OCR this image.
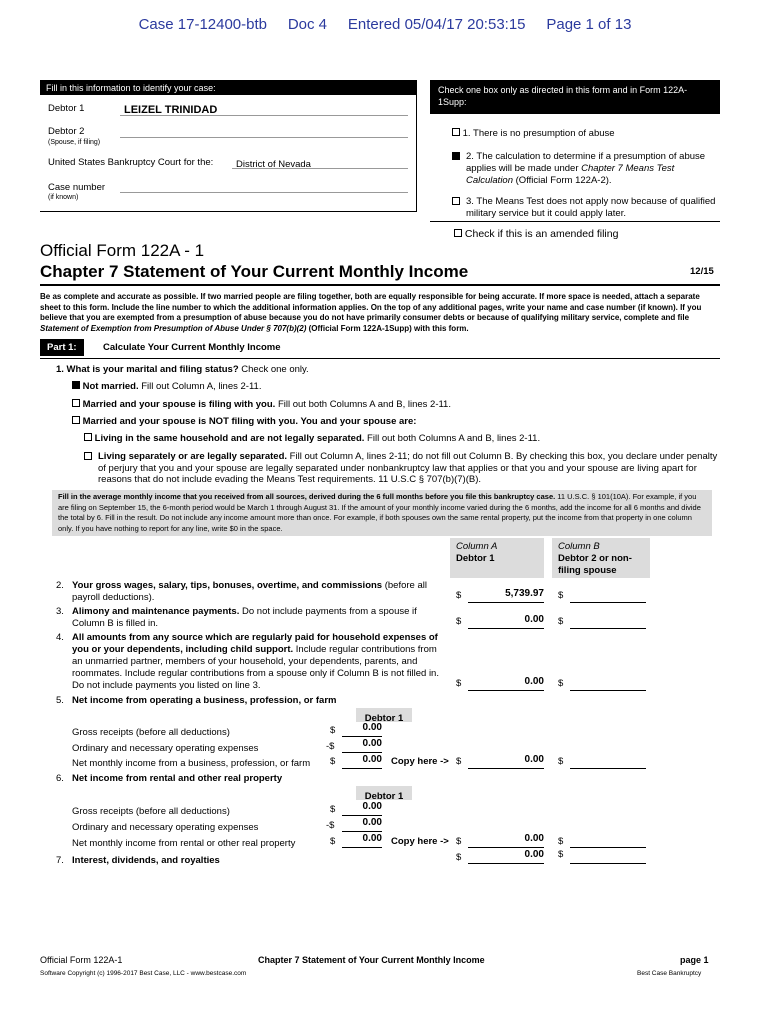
Case 17-12400-btb     Doc 4     Entered 05/04/17 20:53:15     Page 1 of 13
Fill in this information to identify your case:
Debtor 1	LEIZEL TRINIDAD
Debtor 2
(Spouse, if filing)
United States Bankruptcy Court for the:	District of Nevada
Case number
(if known)
Check one box only as directed in this form and in Form 122A-1Supp:
1. There is no presumption of abuse
2. The calculation to determine if a presumption of abuse applies will be made under Chapter 7 Means Test Calculation (Official Form 122A-2).
3. The Means Test does not apply now because of qualified military service but it could apply later.
Check if this is an amended filing
Official Form 122A - 1
Chapter 7 Statement of Your Current Monthly Income	12/15
Be as complete and accurate as possible. If two married people are filing together, both are equally responsible for being accurate. If more space is needed, attach a separate sheet to this form. Include the line number to which the additional information applies. On the top of any additional pages, write your name and case number (if known). If you believe that you are exempted from a presumption of abuse because you do not have primarily consumer debts or because of qualifying military service, complete and file Statement of Exemption from Presumption of Abuse Under § 707(b)(2) (Official Form 122A-1Supp) with this form.
Part 1:	Calculate Your Current Monthly Income
1. What is your marital and filing status? Check one only.
Not married. Fill out Column A, lines 2-11.
Married and your spouse is filing with you. Fill out both Columns A and B, lines 2-11.
Married and your spouse is NOT filing with you. You and your spouse are:
Living in the same household and are not legally separated. Fill out both Columns A and B, lines 2-11.
Living separately or are legally separated. Fill out Column A, lines 2-11; do not fill out Column B. By checking this box, you declare under penalty of perjury that you and your spouse are legally separated under nonbankruptcy law that applies or that you and your spouse are living apart for reasons that do not include evading the Means Test requirements. 11 U.S.C § 707(b)(7)(B).
Fill in the average monthly income that you received from all sources, derived during the 6 full months before you file this bankruptcy case. 11 U.S.C. § 101(10A). For example, if you are filing on September 15, the 6-month period would be March 1 through August 31. If the amount of your monthly income varied during the 6 months, add the income for all 6 months and divide the total by 6. Fill in the result. Do not include any income amount more than once. For example, if both spouses own the same rental property, put the income from that property in one column only. If you have nothing to report for any line, write $0 in the space.
Column A
Debtor 1
Column B
Debtor 2 or non-filing spouse
2. Your gross wages, salary, tips, bonuses, overtime, and commissions (before all payroll deductions).	$	5,739.97 $
3. Alimony and maintenance payments. Do not include payments from a spouse if Column B is filled in.	$	0.00 $
4. All amounts from any source which are regularly paid for household expenses of you or your dependents, including child support. Include regular contributions from an unmarried partner, members of your household, your dependents, parents, and roommates. Include regular contributions from a spouse only if Column B is not filled in. Do not include payments you listed on line 3.	$	0.00 $
5. Net income from operating a business, profession, or farm
Debtor 1
Gross receipts (before all deductions)	$	0.00
Ordinary and necessary operating expenses	-$	0.00
Net monthly income from a business, profession, or farm $	0.00 Copy here -> $	0.00 $
6. Net income from rental and other real property
Debtor 1
Gross receipts (before all deductions)	$	0.00
Ordinary and necessary operating expenses	-$	0.00
Net monthly income from rental or other real property	$	0.00 Copy here -> $	0.00 $
7. Interest, dividends, and royalties	$	0.00 $
Official Form 122A-1	Chapter 7 Statement of Your Current Monthly Income	page 1
Software Copyright (c) 1996-2017 Best Case, LLC - www.bestcase.com	Best Case Bankruptcy
